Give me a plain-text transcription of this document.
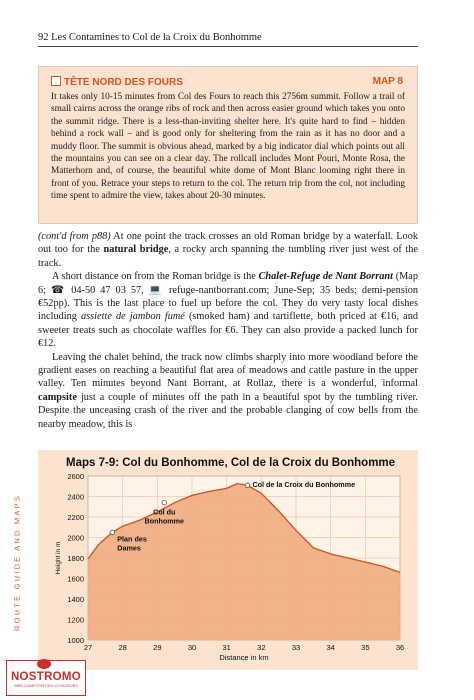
92 Les Contamines to Col de la Croix du Bonhomme
TÊTE NORD DES FOURS	MAP 8
It takes only 10-15 minutes from Col des Fours to reach this 2756m summit. Follow a trail of small cairns across the orange ribs of rock and then across easier ground which takes you onto the summit ridge. There is a less-than-inviting shelter here. It's quite hard to find – hidden behind a rock wall – and is good only for sheltering from the rain as it has no door and a muddy floor. The summit is obvious ahead, marked by a big indicator dial which points out all the mountains you can see on a clear day. The rollcall includes Mont Pouri, Monte Rosa, the Matterhorn and, of course, the beautiful white dome of Mont Blanc looming right there in front of you. Retrace your steps to return to the col. The return trip from the col, not including time spent to admire the view, takes about 20-30 minutes.

(cont'd from p88) At one point the track crosses an old Roman bridge by a waterfall. Look out too for the natural bridge, a rocky arch spanning the tumbling river just west of the track.

A short distance on from the Roman bridge is the Chalet-Refuge de Nant Borrant (Map 6; ☎ 04-50 47 03 57, 💻 refuge-nantborrant.com; June-Sep; 35 beds; demi-pension €52pp). This is the last place to fuel up before the col. They do very tasty local dishes including assiette de jambon fumé (smoked ham) and tartiflette, both priced at €16, and sweeter treats such as chocolate waffles for €6. They can also provide a packed lunch for €12.

Leaving the chalet behind, the track now climbs sharply into more woodland before the gradient eases on reaching a beautiful flat area of meadows and cattle pasture in the upper valley. Ten minutes beyond Nant Borrant, at Rollaz, there is a wonderful, informal campsite just a couple of minutes off the path in a beautiful spot by the tumbling river. Despite the unceasing crash of the river and the probable clanging of cow bells from the nearby meadow, this is

ROUTE GUIDE AND MAPS
Maps 7-9: Col du Bonhomme, Col de la Croix du Bonhomme
1000
1200
1400
1600
1800
2000
2200
2400
2600
27	28	29	30	31	32	33	34	35	36
Distance in km
Height in m
Plan des
Dames
Col du
Bonhomme
Col de la Croix du Bonhomme
NOSTROMO
WEB COMPTOIR DES VOYAGEURS
